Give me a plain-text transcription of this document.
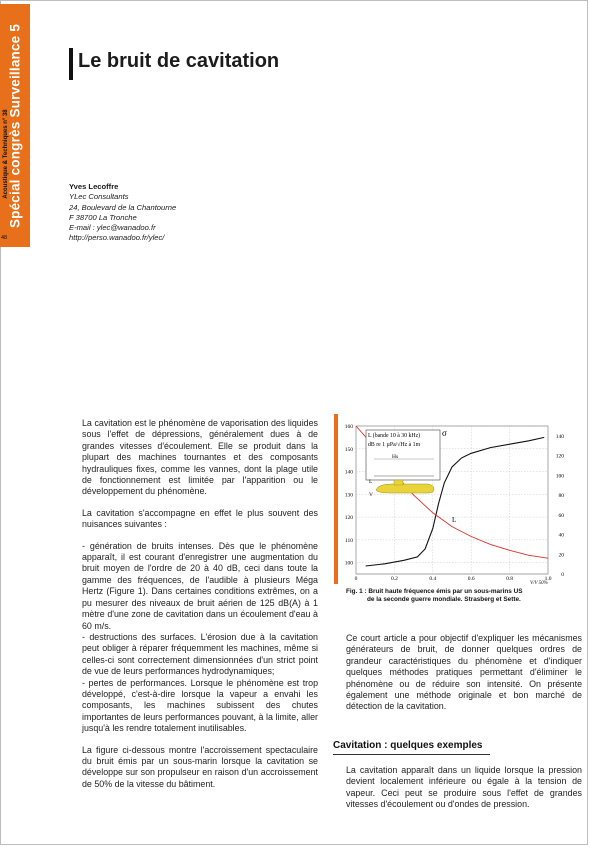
Spécial congrès Surveillance 5
Acoustique & Techniques n° 38
48
Le bruit de cavitation
Yves Lecoffre
YLec Consultants
24, Boulevard de la Chantourne
F 38700 La Tronche
E-mail : ylec@wanadoo.fr
http://perso.wanadoo.fr/ylec/

La cavitation est le phénomène de vaporisation des liquides sous l'effet de dépressions, généralement dues à de grandes vitesses d'écoulement. Elle se produit dans la plupart des machines tournantes et des composants hydrauliques fixes, comme les vannes, dont la plage utile de fonctionnement est limitée par l'apparition ou le développement du phénomène.

La cavitation s'accompagne en effet le plus souvent des nuisances suivantes :

- génération de bruits intenses. Dès que le phénomène apparaît, il est courant d'enregistrer une augmentation du bruit moyen de l'ordre de 20 à 40 dB, ceci dans toute la gamme des fréquences, de l'audible à plusieurs Méga Hertz (Figure 1). Dans certaines conditions extrêmes, on a pu mesurer des niveaux de bruit aérien de 125 dB(A) à 1 mètre d'une zone de cavitation dans un écoulement d'eau à 60 m/s.

- destructions des surfaces. L'érosion due à la cavitation peut obliger à réparer fréquemment les machines, même si celles-ci sont correctement dimensionnées d'un strict point de vue de leurs performances hydrodynamiques;

- pertes de performances. Lorsque le phénomène est trop développé, c'est-à-dire lorsque la vapeur a envahi les composants, les machines subissent des chutes importantes de leurs performances pouvant, à la limite, aller jusqu'à les rendre totalement inutilisables.

La figure ci-dessous montre l'accroissement spectaculaire du bruit émis par un sous-marin lorsque la cavitation se développe sur son propulseur en raison d'un accroissement de 50% de la vitesse du bâtiment.

100
110
120
130
140
150
160
0
20
40
60
80
100
120
140
0	0.2	0.4	0.6	0.8	1.0
L (bande 10 à 30 kHz)
dB re 1 µPa/√Hz à 1m
Hs
L
V
σ
L
V/V 50%
Fig. 1 : Bruit haute fréquence émis par un sous-marins US
de la seconde guerre mondiale. Strasberg et Sette.

Ce court article a pour objectif d'expliquer les mécanismes générateurs de bruit, de donner quelques ordres de grandeur caractéristiques du phénomène et d'indiquer quelques méthodes pratiques permettant d'éliminer le phénomène ou de réduire son intensité. On présente également une méthode originale et bon marché de détection de la cavitation.

Cavitation : quelques exemples

La cavitation apparaît dans un liquide lorsque la pression devient localement inférieure ou égale à la tension de vapeur. Ceci peut se produire sous l'effet de grandes vitesses d'écoulement ou d'ondes de pression.
